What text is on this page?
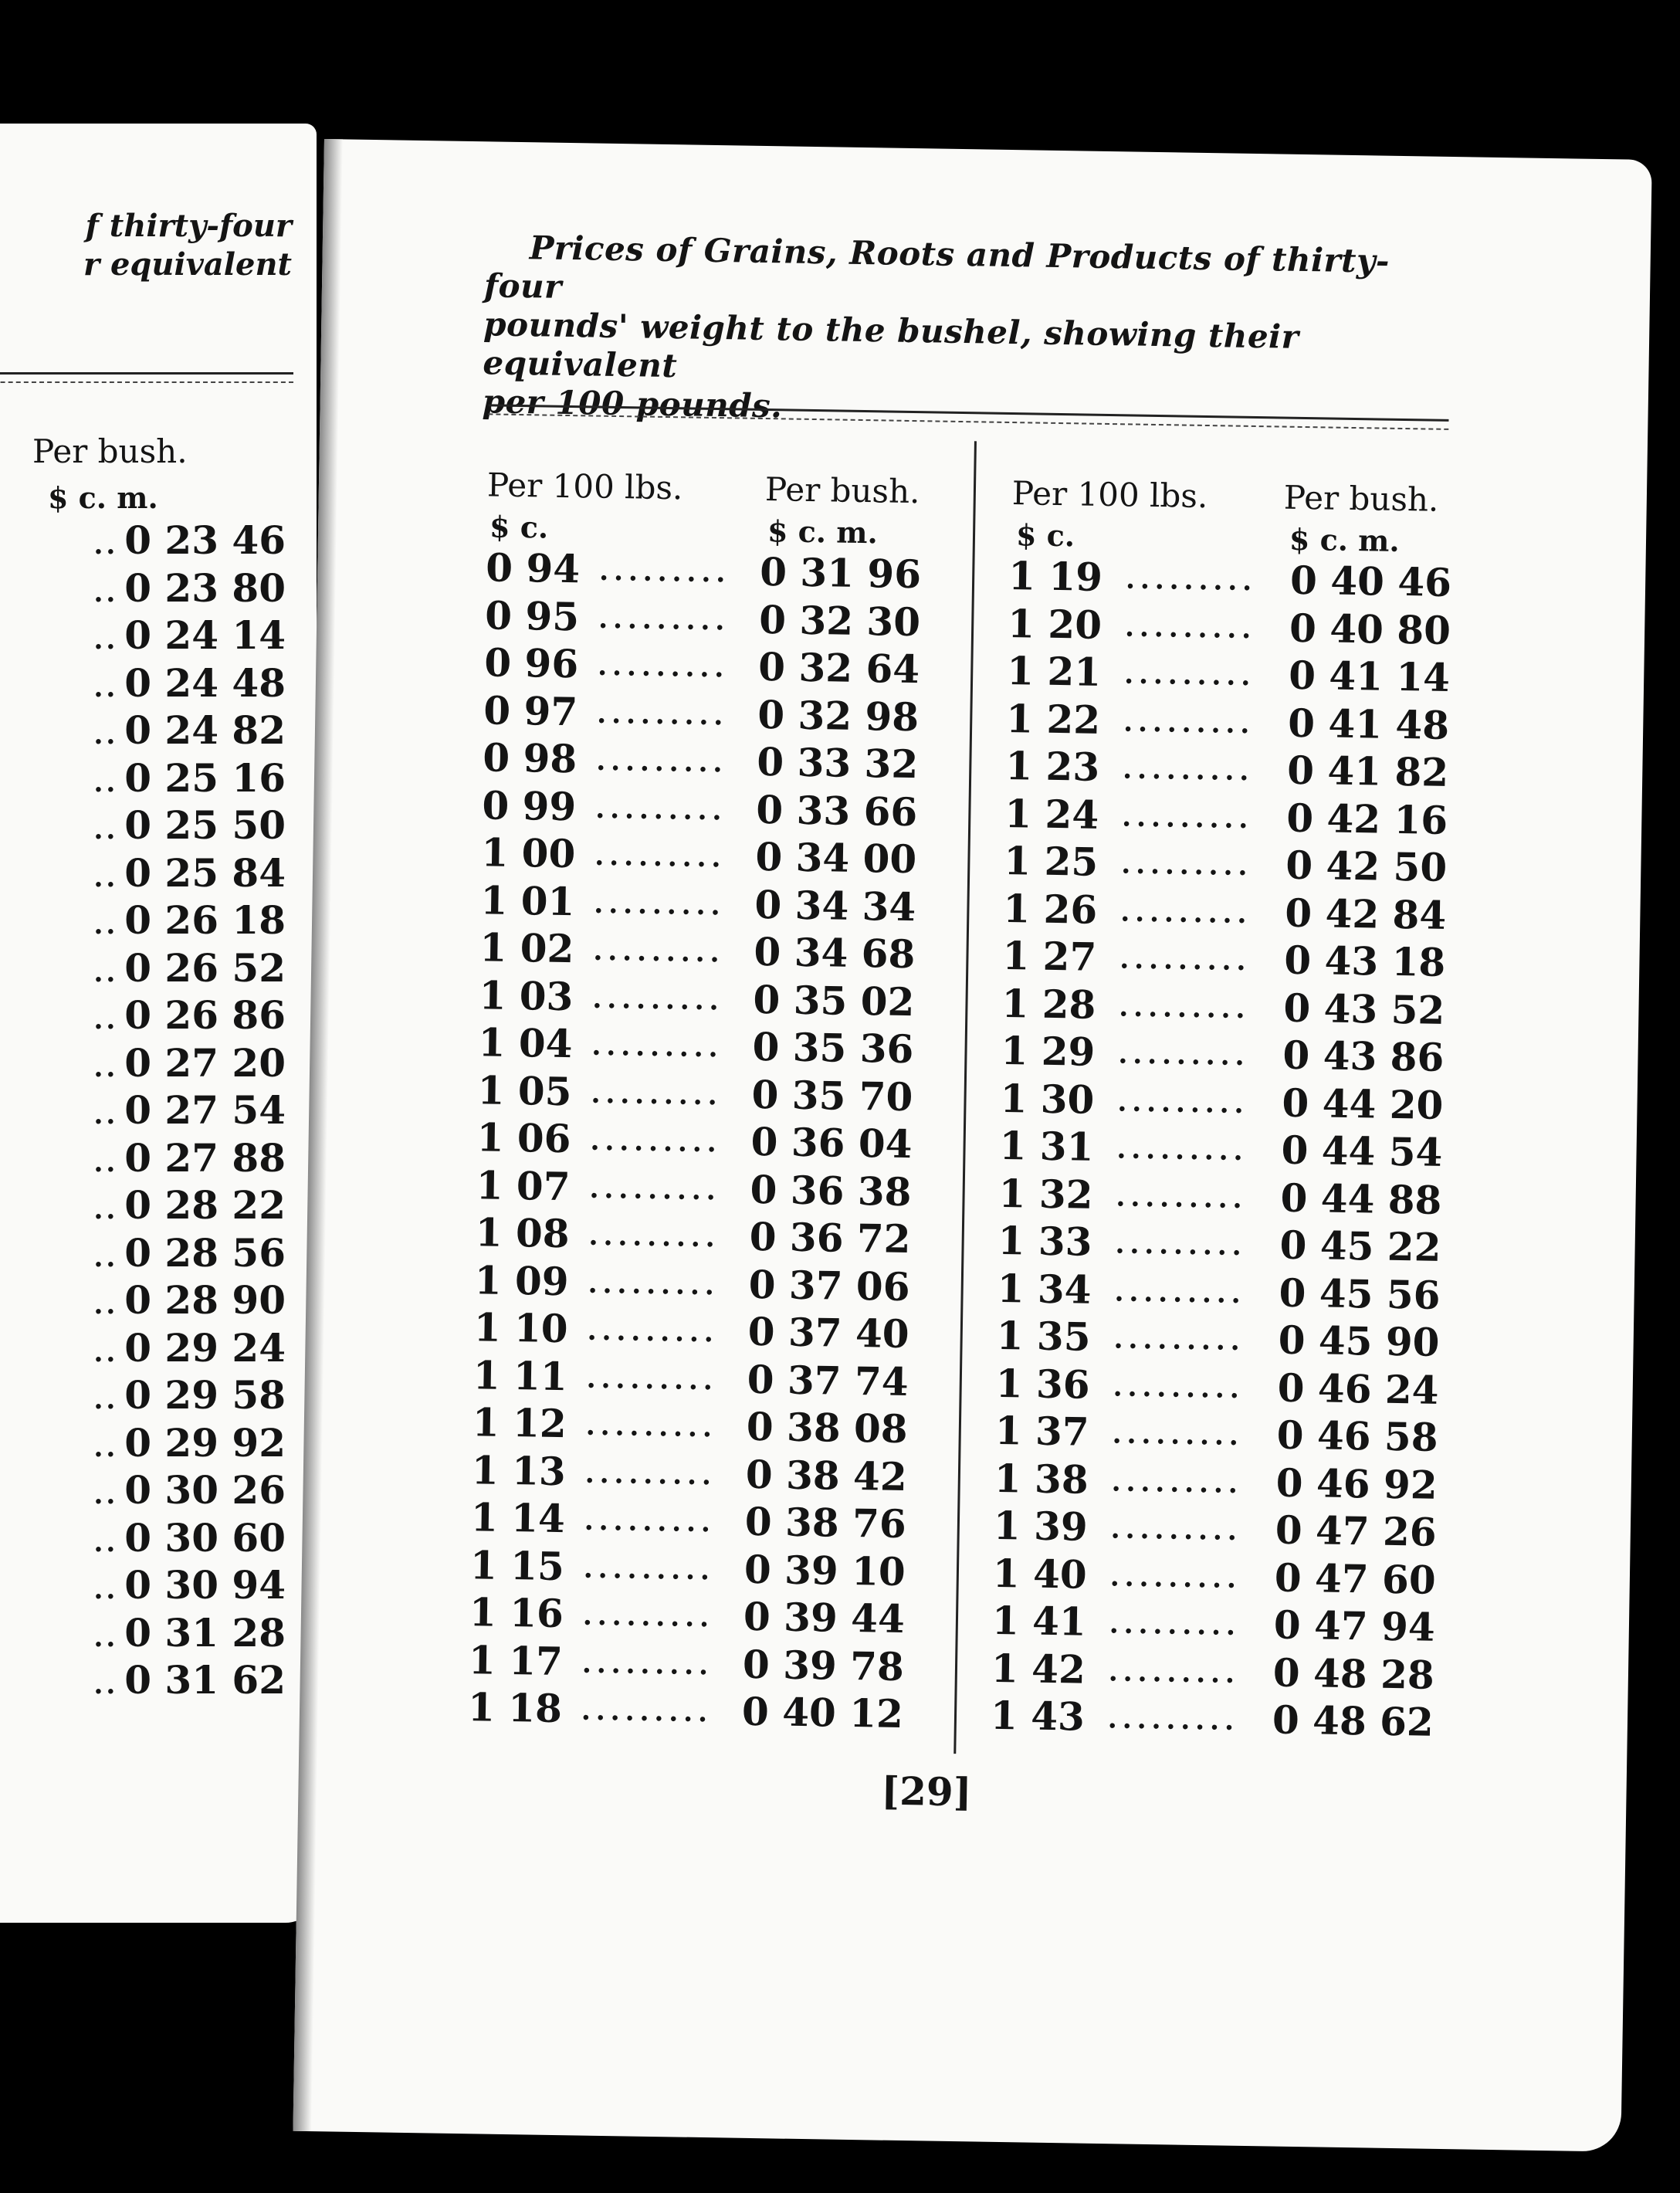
f thirty-four
r equivalent
Per bush.
$ c. m.
.. 0 23 46
.. 0 23 80
.. 0 24 14
.. 0 24 48
.. 0 24 82
.. 0 25 16
.. 0 25 50
.. 0 25 84
.. 0 26 18
.. 0 26 52
.. 0 26 86
.. 0 27 20
.. 0 27 54
.. 0 27 88
.. 0 28 22
.. 0 28 56
.. 0 28 90
.. 0 29 24
.. 0 29 58
.. 0 29 92
.. 0 30 26
.. 0 30 60
.. 0 30 94
.. 0 31 28
.. 0 31 62
Prices of Grains, Roots and Products of thirty-four
pounds' weight to the bushel, showing their equivalent
per 100 pounds.
Per 100 lbs.	Per bush.	Per 100 lbs. Per bush.
$ c.	$ c. m.	$ c.	$ c. m.
0 94 ......... 0 31 96
0 95 ......... 0 32 30
0 96 ......... 0 32 64
0 97 ......... 0 32 98
0 98 ......... 0 33 32
0 99 ......... 0 33 66
1 00 ......... 0 34 00
1 01 ......... 0 34 34
1 02 ......... 0 34 68
1 03 ......... 0 35 02
1 04 ......... 0 35 36
1 05 ......... 0 35 70
1 06 ......... 0 36 04
1 07 ......... 0 36 38
1 08 ......... 0 36 72
1 09 ......... 0 37 06
1 10 ......... 0 37 40
1 11 ......... 0 37 74
1 12 ......... 0 38 08
1 13 ......... 0 38 42
1 14 ......... 0 38 76
1 15 ......... 0 39 10
1 16 ......... 0 39 44
1 17 ......... 0 39 78
1 18 ......... 0 40 12
1 19 ......... 0 40 46
1 20 ......... 0 40 80
1 21 ......... 0 41 14
1 22 ......... 0 41 48
1 23 ......... 0 41 82
1 24 ......... 0 42 16
1 25 ......... 0 42 50
1 26 ......... 0 42 84
1 27 ......... 0 43 18
1 28 ......... 0 43 52
1 29 ......... 0 43 86
1 30 ......... 0 44 20
1 31 ......... 0 44 54
1 32 ......... 0 44 88
1 33 ......... 0 45 22
1 34 ......... 0 45 56
1 35 ......... 0 45 90
1 36 ......... 0 46 24
1 37 ......... 0 46 58
1 38 ......... 0 46 92
1 39 ......... 0 47 26
1 40 ......... 0 47 60
1 41 ......... 0 47 94
1 42 ......... 0 48 28
1 43 ......... 0 48 62
[29]
